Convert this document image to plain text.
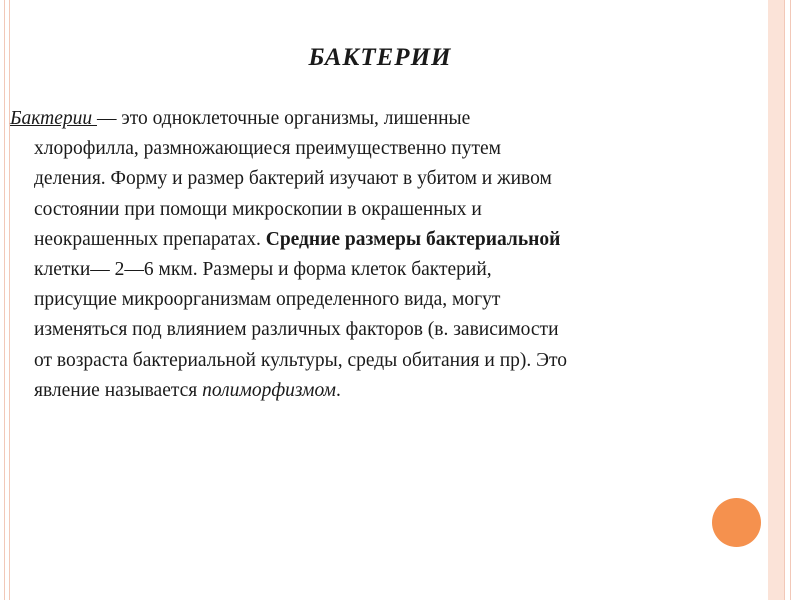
БАКТЕРИИ
Бактерии — это одноклеточные организмы, лишенные
хлорофилла, размножающиеся преимущественно путем
деления. Форму и размер бактерий изучают в убитом и живом
состоянии при помощи микроскопии в окрашенных и
неокрашенных препаратах. Средние размеры бактериальной
клетки— 2—6 мкм. Размеры и форма клеток бактерий,
присущие микроорганизмам определенного вида, могут
изменяться под влиянием различных факторов (в. зависимости
от возраста бактериальной культуры, среды обитания и пр). Это
явление называется полиморфизмом.
